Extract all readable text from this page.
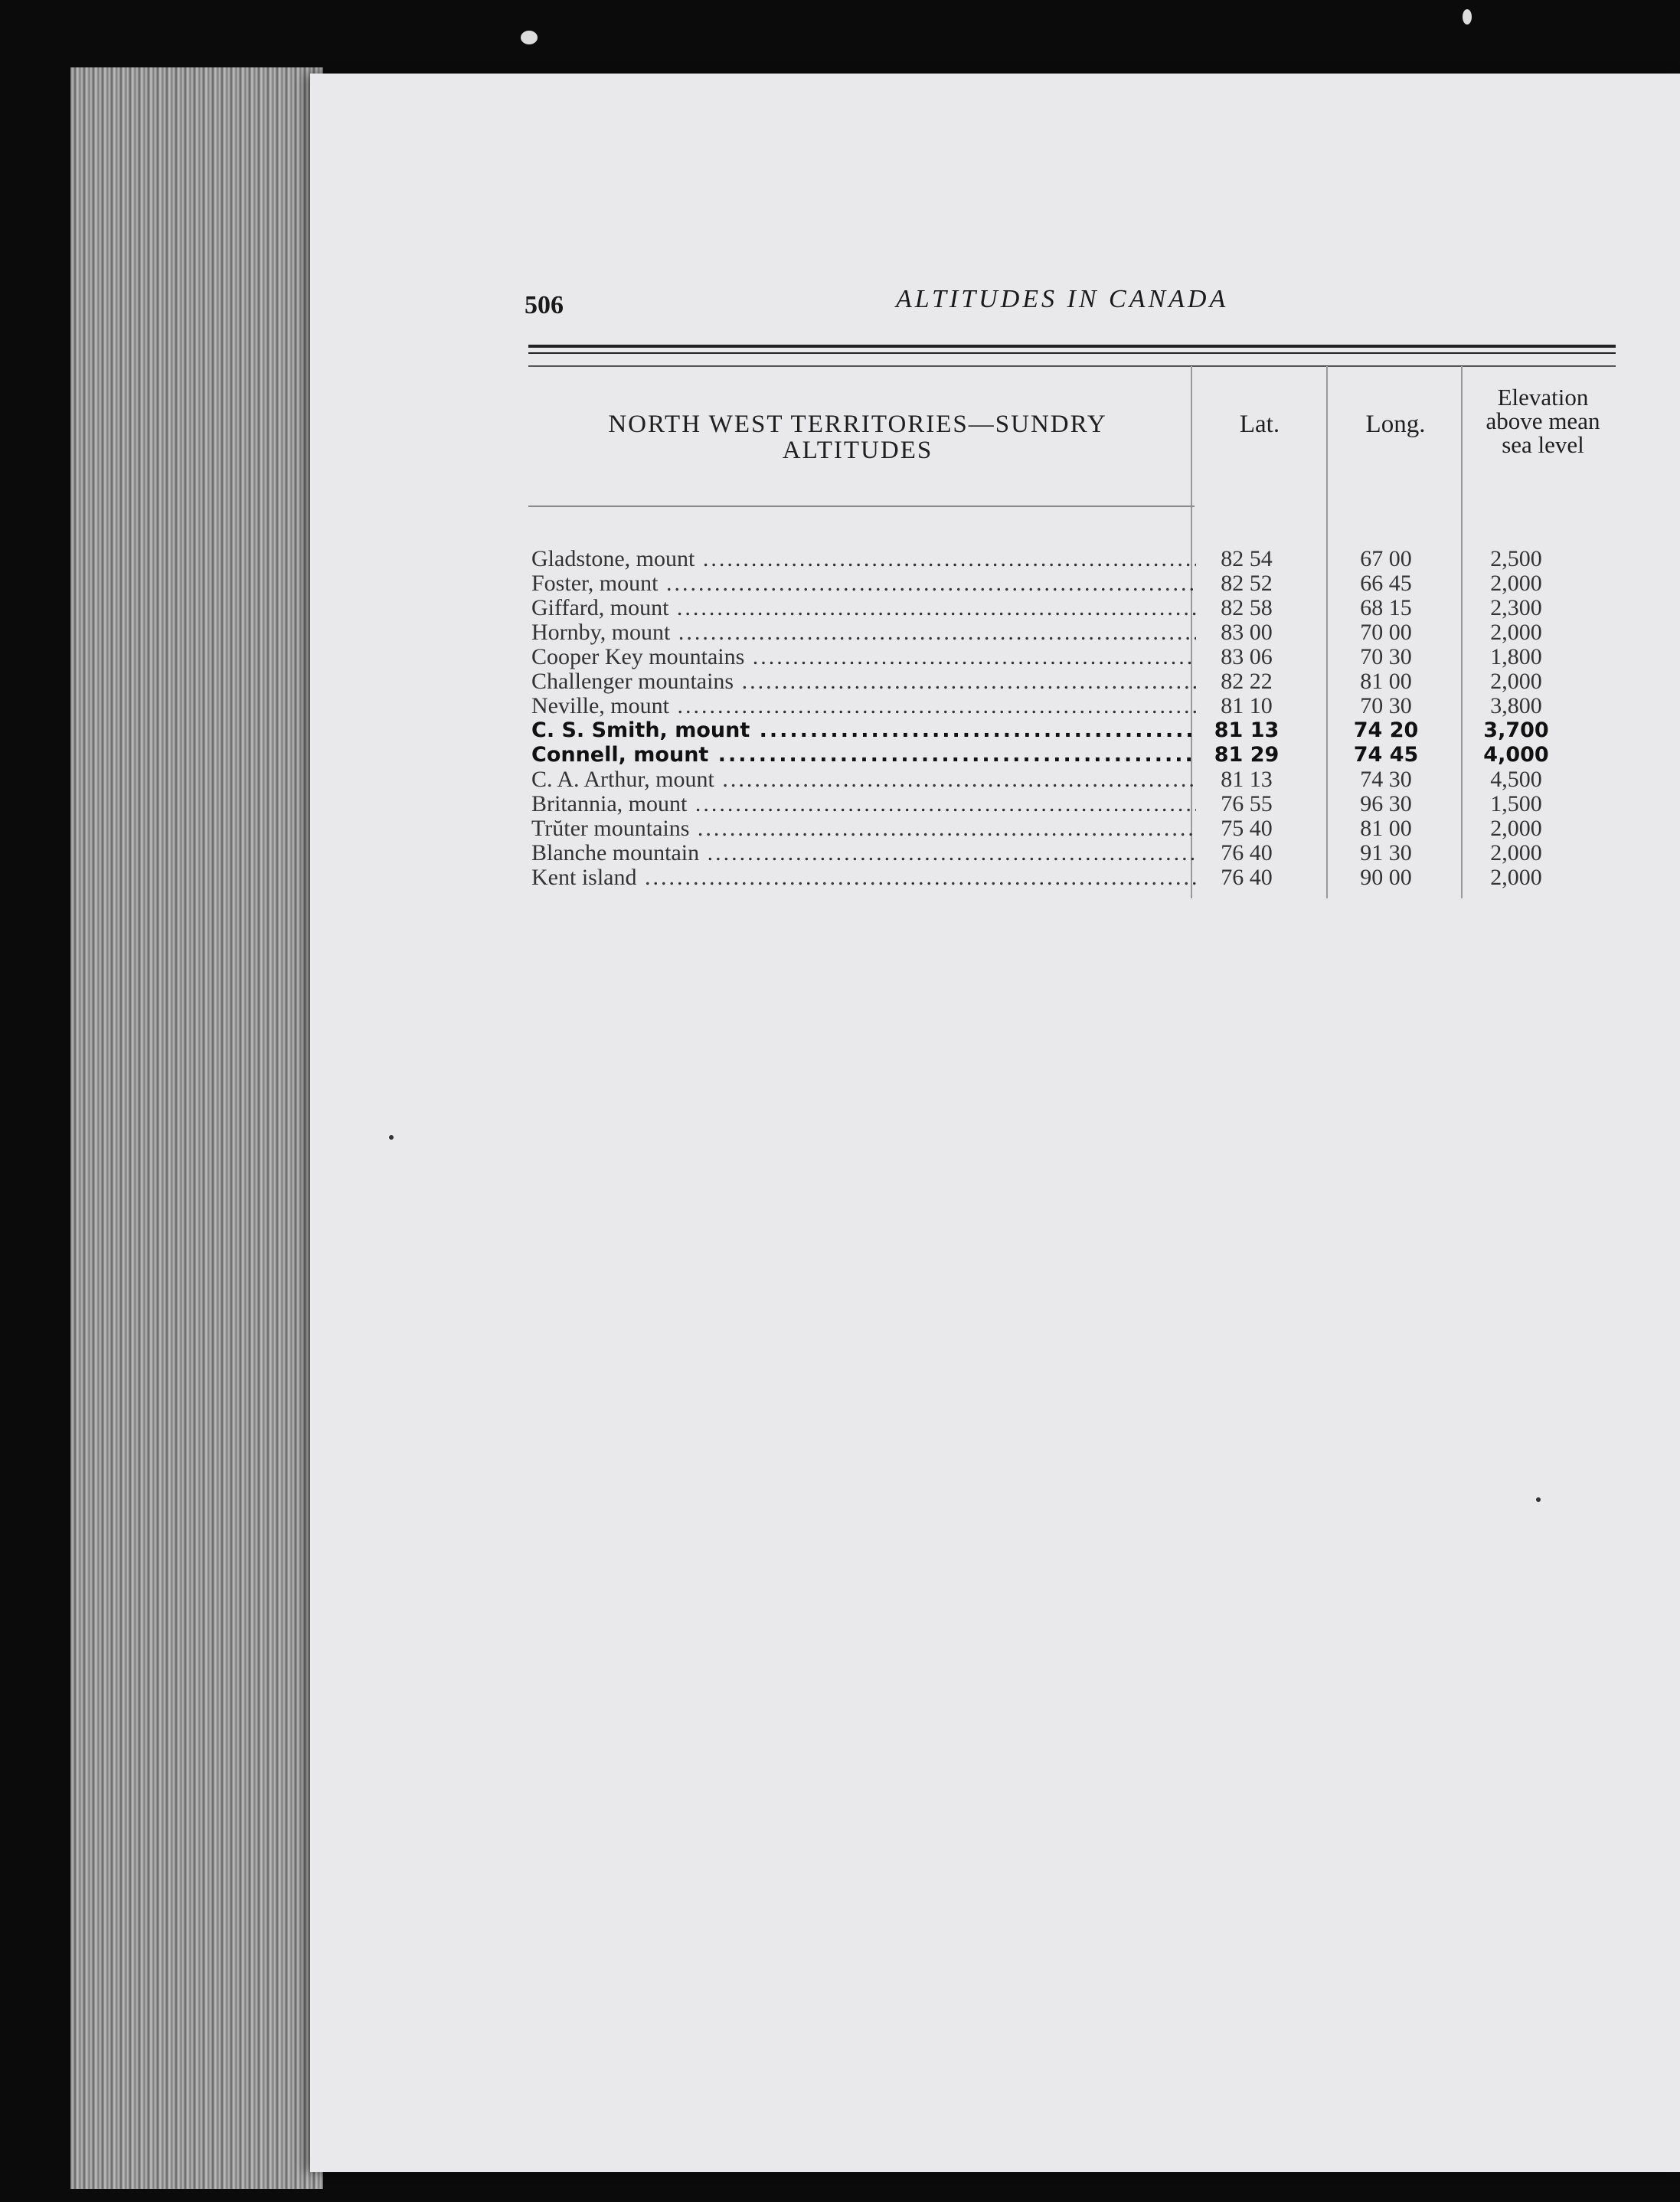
506	ALTITUDES IN CANADA
NORTH WEST TERRITORIES—SUNDRY
ALTITUDES
Lat.	Long.
Elevation
above mean
sea level
Gladstone, mount .....	82 54	67 00	2,500
Foster, mount .....	82 52	66 45	2,000
Giffard, mount .....	82 58	68 15	2,300
Hornby, mount .....	83 00	70 00	2,000
Cooper Key mountains .....	83 06	70 30	1,800
Challenger mountains .....	82 22	81 00	2,000
Neville, mount .....	81 10	70 30	3,800
C. S. Smith, mount .....	81 13	74 20	3,700
Connell, mount .....	81 29	74 45	4,000
C. A. Arthur, mount .....	81 13	74 30	4,500
Britannia, mount .....	76 55	96 30	1,500
Trŭter mountains .....	75 40	81 00	2,000
Blanche mountain .....	76 40	91 30	2,000
Kent island .....	76 40	90 00	2,000
